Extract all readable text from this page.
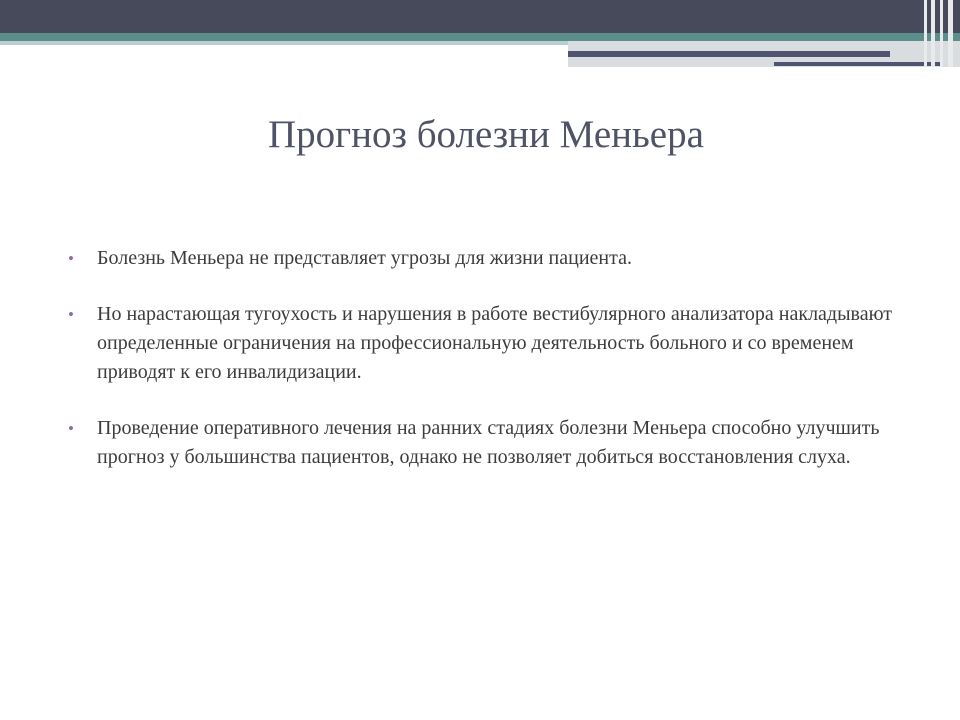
Прогноз болезни Меньера
• Болезнь Меньера не представляет угрозы для жизни пациента.
• Но нарастающая тугоухость и нарушения в работе вестибулярного анализатора накладывают определенные ограничения на профессиональную деятельность больного и со временем приводят к его инвалидизации.
• Проведение оперативного лечения на ранних стадиях болезни Меньера способно улучшить прогноз у большинства пациентов, однако не позволяет добиться восстановления слуха.
